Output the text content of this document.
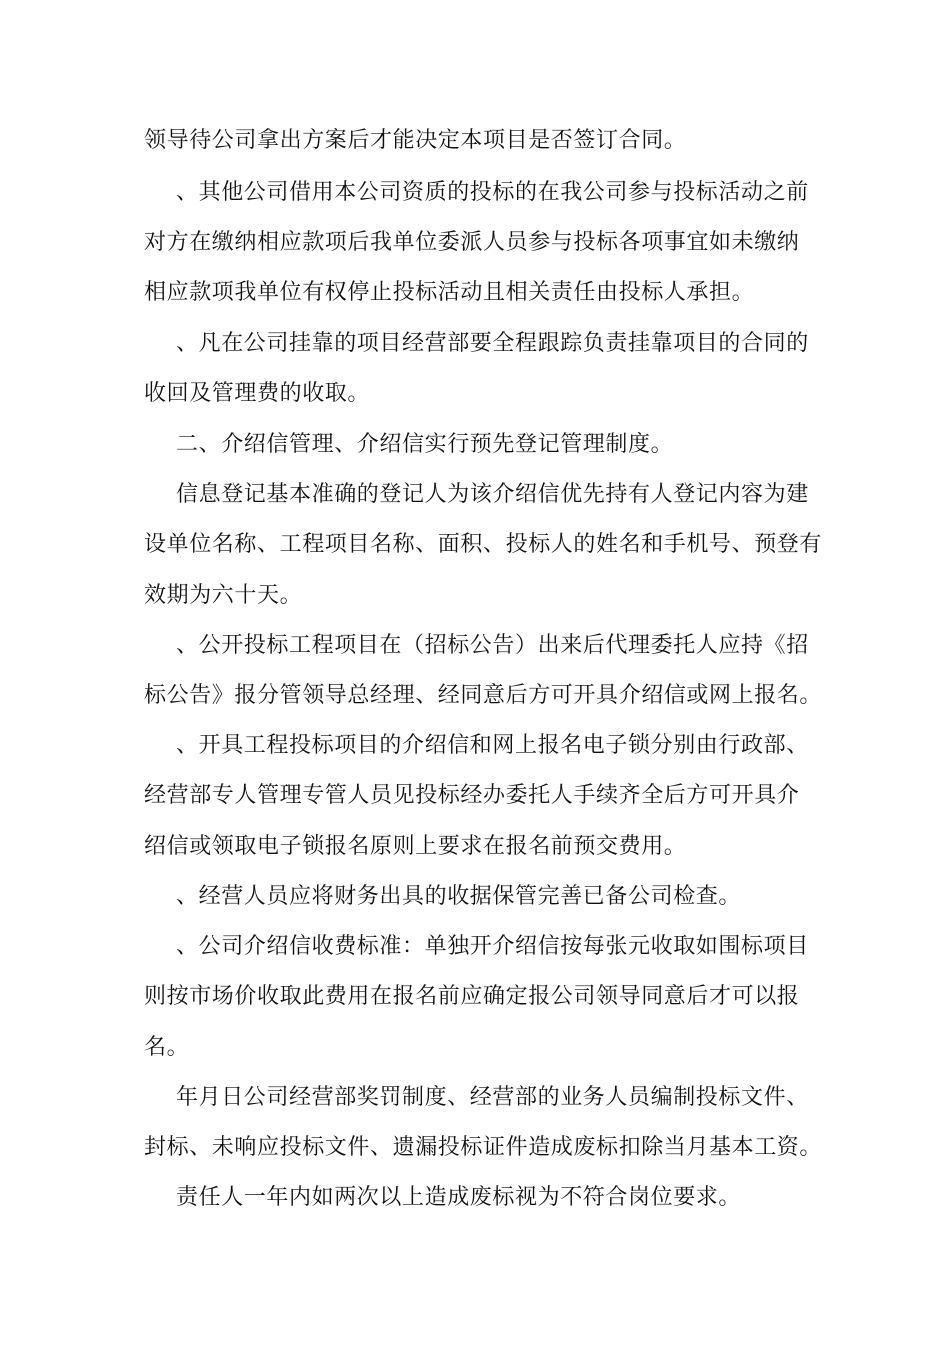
领导待公司拿出方案后才能决定本项目是否签订合同。

、其他公司借用本公司资质的投标的在我公司参与投标活动之前

对方在缴纳相应款项后我单位委派人员参与投标各项事宜如未缴纳

相应款项我单位有权停止投标活动且相关责任由投标人承担。

、凡在公司挂靠的项目经营部要全程跟踪负责挂靠项目的合同的

收回及管理费的收取。

二、介绍信管理、介绍信实行预先登记管理制度。

信息登记基本准确的登记人为该介绍信优先持有人登记内容为建

设单位名称、工程项目名称、面积、投标人的姓名和手机号、预登有

效期为六十天。

、公开投标工程项目在（招标公告）出来后代理委托人应持《招

标公告》报分管领导总经理、经同意后方可开具介绍信或网上报名。

、开具工程投标项目的介绍信和网上报名电子锁分别由行政部、

经营部专人管理专管人员见投标经办委托人手续齐全后方可开具介

绍信或领取电子锁报名原则上要求在报名前预交费用。

、经营人员应将财务出具的收据保管完善已备公司检查。

、公司介绍信收费标准：单独开介绍信按每张元收取如围标项目

则按市场价收取此费用在报名前应确定报公司领导同意后才可以报

名。

年月日公司经营部奖罚制度、经营部的业务人员编制投标文件、

封标、未响应投标文件、遗漏投标证件造成废标扣除当月基本工资。

责任人一年内如两次以上造成废标视为不符合岗位要求。
